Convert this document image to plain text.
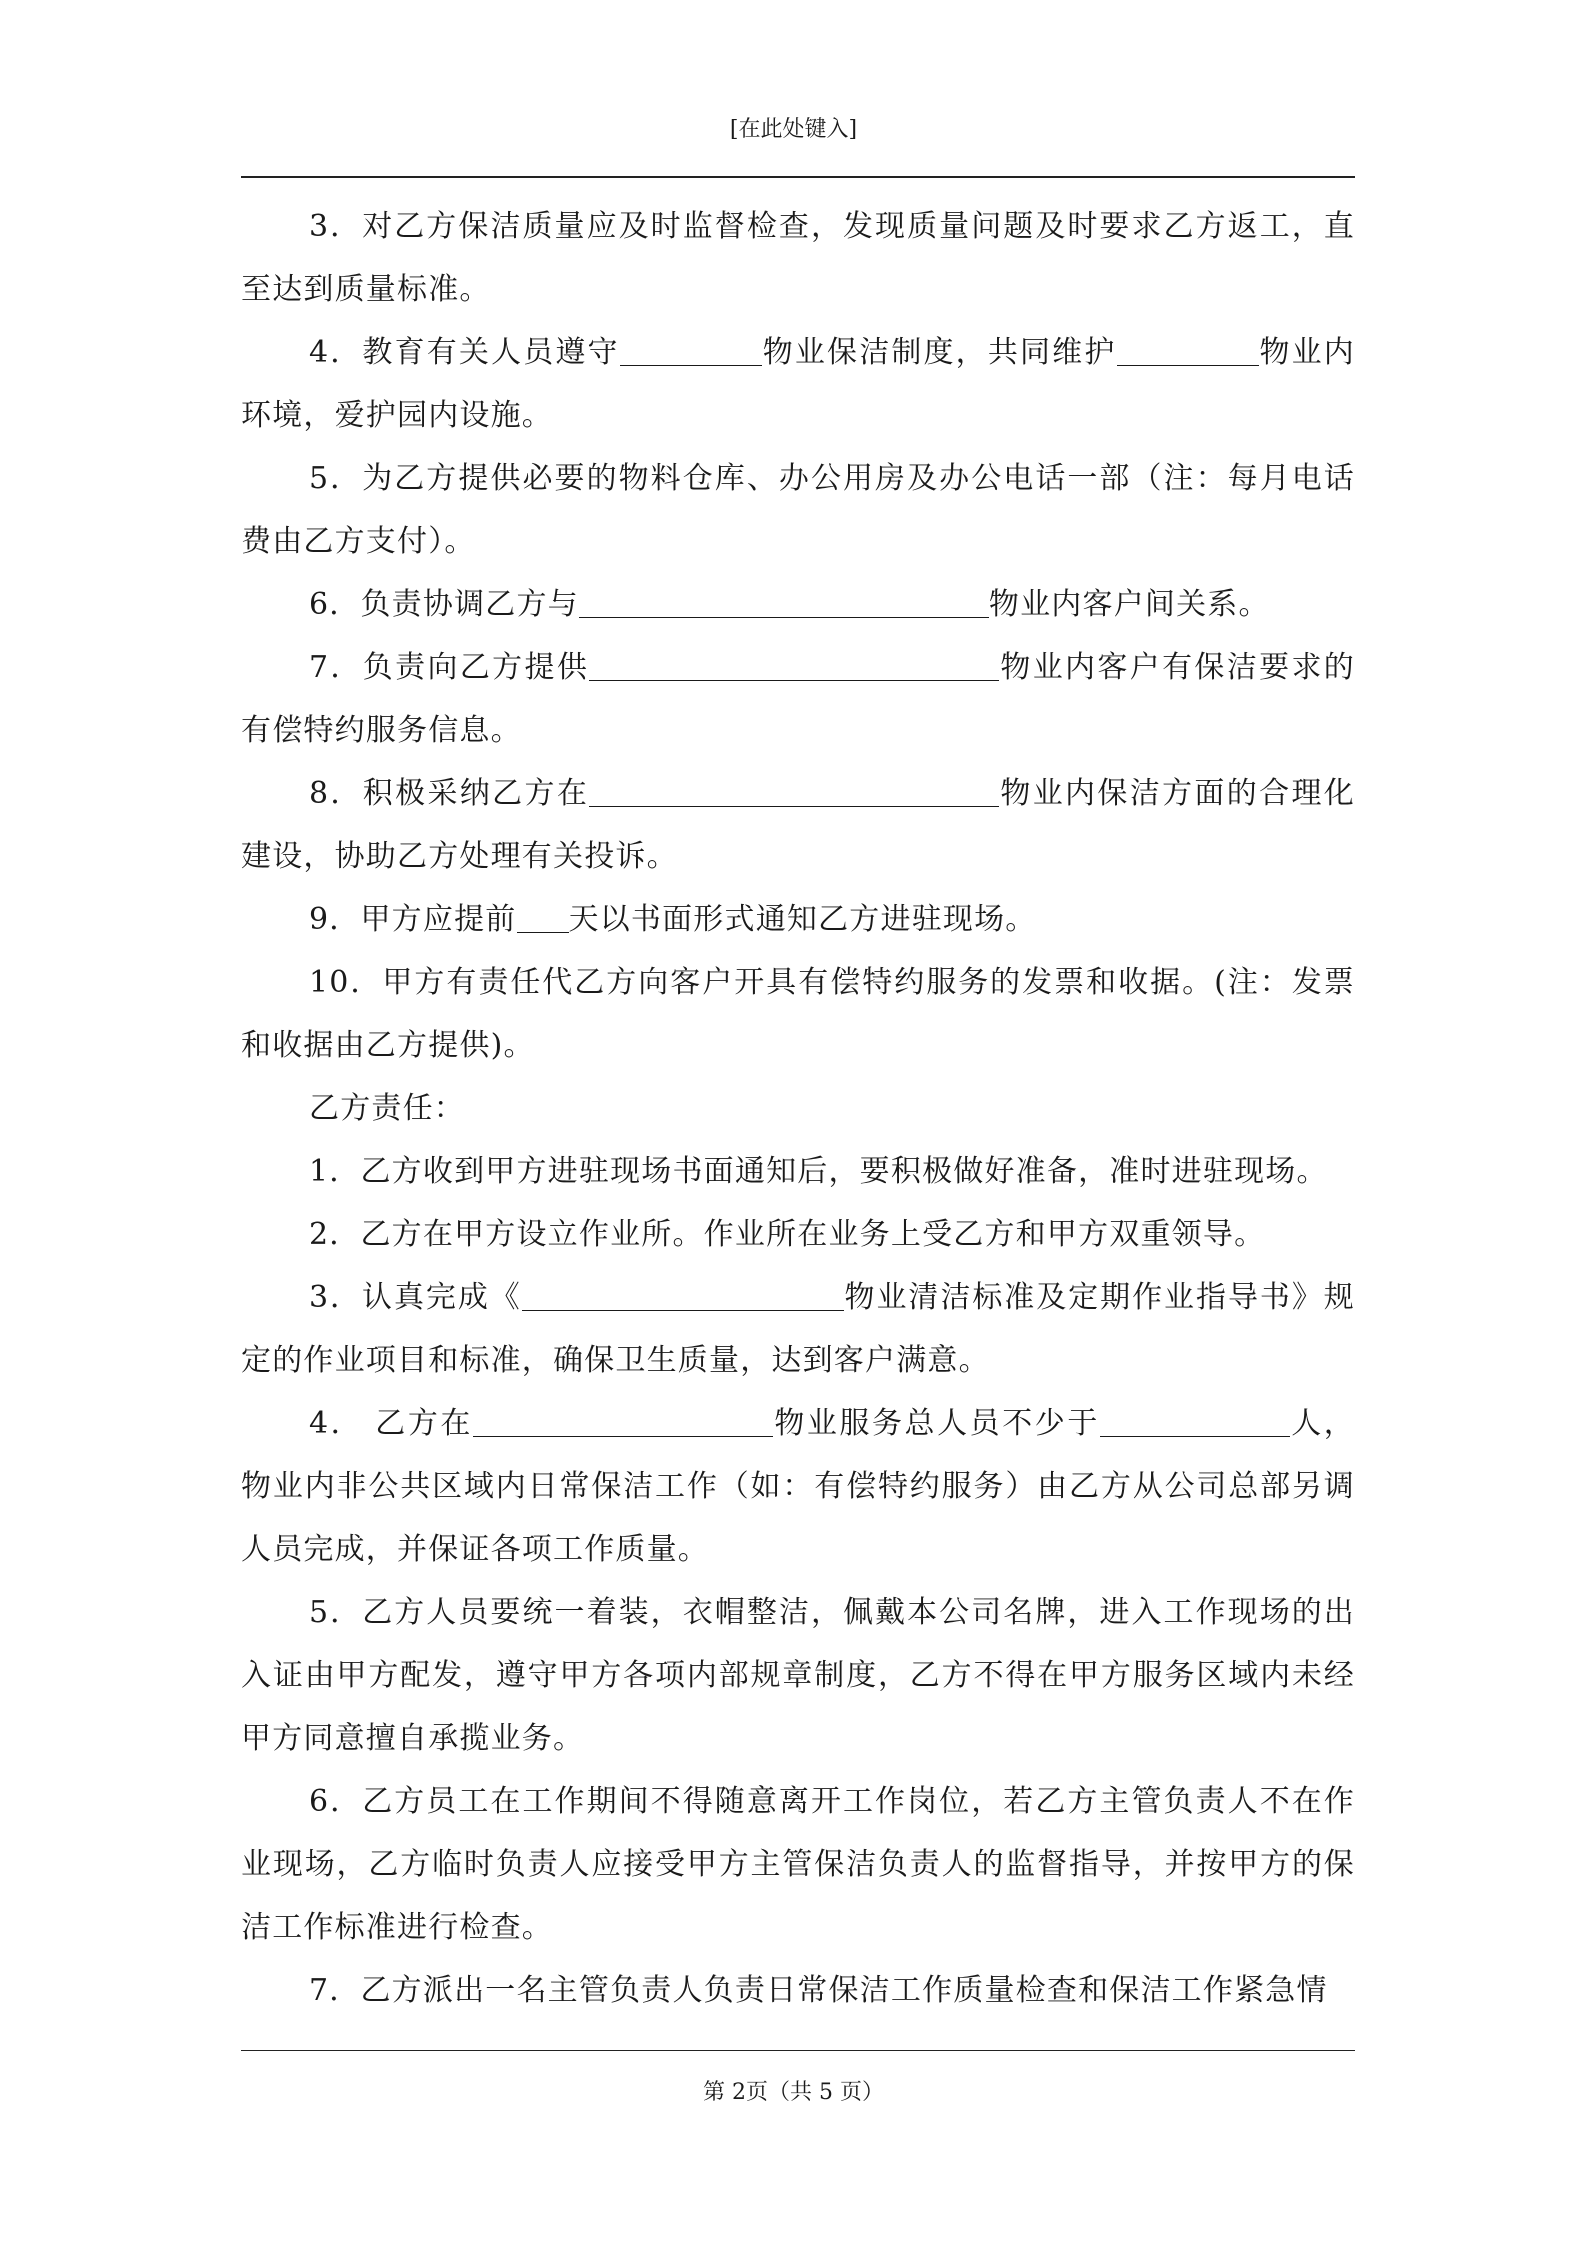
[在此处键入]

3．对乙方保洁质量应及时监督检查，发现质量问题及时要求乙方返工，直至达到质量标准。

4．教育有关人员遵守	物业保洁制度，共同维护	物业内环境，爱护园内设施。

5．为乙方提供必要的物料仓库、办公用房及办公电话一部（注：每月电话费由乙方支付）。

6．负责协调乙方与	物业内客户间关系。

7．负责向乙方提供	物业内客户有保洁要求的有偿特约服务信息。

8．积极采纳乙方在	物业内保洁方面的合理化建设，协助乙方处理有关投诉。

9．甲方应提前 天以书面形式通知乙方进驻现场。

10．甲方有责任代乙方向客户开具有偿特约服务的发票和收据。(注：发票和收据由乙方提供)。

乙方责任：

1．乙方收到甲方进驻现场书面通知后，要积极做好准备，准时进驻现场。

2．乙方在甲方设立作业所。作业所在业务上受乙方和甲方双重领导。

3．认真完成《	物业清洁标准及定期作业指导书》规定的作业项目和标准，确保卫生质量，达到客户满意。

4． 乙方在	物业服务总人员不少于	人，物业内非公共区域内日常保洁工作（如：有偿特约服务）由乙方从公司总部另调人员完成，并保证各项工作质量。

5．乙方人员要统一着装，衣帽整洁，佩戴本公司名牌，进入工作现场的出入证由甲方配发，遵守甲方各项内部规章制度，乙方不得在甲方服务区域内未经甲方同意擅自承揽业务。

6．乙方员工在工作期间不得随意离开工作岗位，若乙方主管负责人不在作业现场，乙方临时负责人应接受甲方主管保洁负责人的监督指导，并按甲方的保洁工作标准进行检查。

7．乙方派出一名主管负责人负责日常保洁工作质量检查和保洁工作紧急情

第 2页（共 5 页）
